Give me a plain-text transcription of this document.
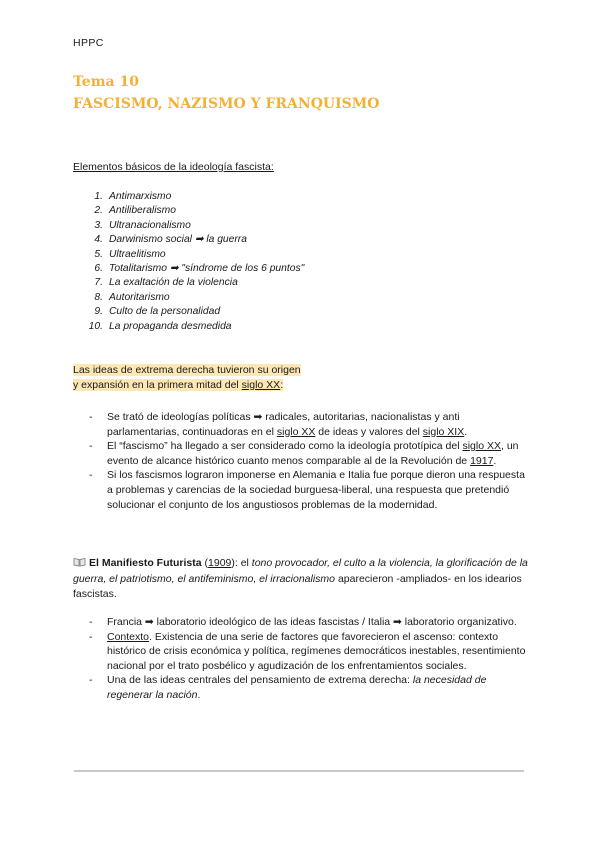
HPPC
Tema 10
FASCISMO, NAZISMO Y FRANQUISMO
Elementos básicos de la ideología fascista:
1. Antimarxismo
2. Antiliberalismo
3. Ultranacionalismo
4. Darwinismo social ➡ la guerra
5. Ultraelitismo
6. Totalitarismo ➡ "síndrome de los 6 puntos"
7. La exaltación de la violencia
8. Autoritarismo
9. Culto de la personalidad
10. La propaganda desmedida
Las ideas de extrema derecha tuvieron su origen
y expansión en la primera mitad del siglo XX:
- Se trató de ideologías políticas ➡ radicales, autoritarias, nacionalistas y anti parlamentarias, continuadoras en el siglo XX de ideas y valores del siglo XIX.
- El “fascismo” ha llegado a ser considerado como la ideología prototípica del siglo XX, un evento de alcance histórico cuanto menos comparable al de la Revolución de 1917.
- Si los fascismos lograron imponerse en Alemania e Italia fue porque dieron una respuesta a problemas y carencias de la sociedad burguesa-liberal, una respuesta que pretendió solucionar el conjunto de los angustiosos problemas de la modernidad.
El Manifiesto Futurista (1909): el tono provocador, el culto a la violencia, la glorificación de la guerra, el patriotismo, el antifeminismo, el irracionalismo aparecieron -ampliados- en los idearios fascistas.
- Francia ➡ laboratorio ideológico de las ideas fascistas / Italia ➡ laboratorio organizativo.
- Contexto. Existencia de una serie de factores que favorecieron el ascenso: contexto histórico de crisis económica y política, regímenes democráticos inestables, resentimiento nacional por el trato posbélico y agudización de los enfrentamientos sociales.
- Una de las ideas centrales del pensamiento de extrema derecha: la necesidad de regenerar la nación.
